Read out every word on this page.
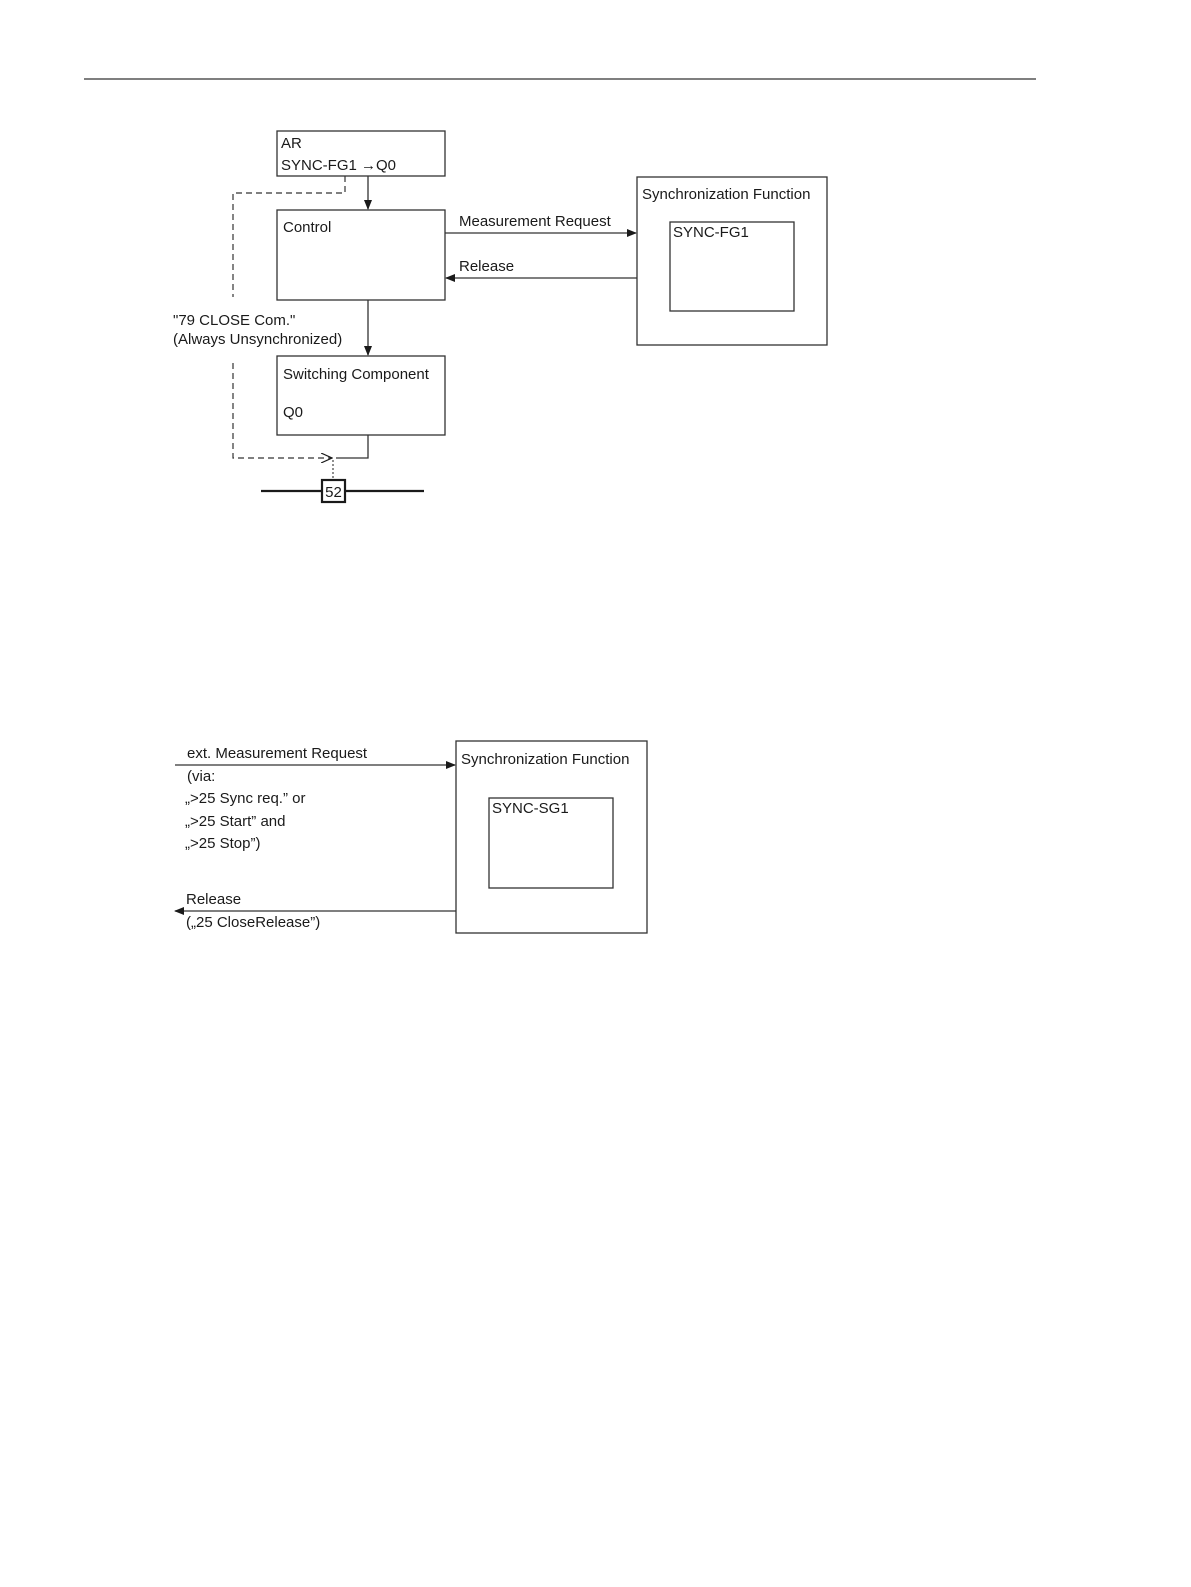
AR
SYNC-FG1 →Q0
Control
Switching Component
Q0
52
"79 CLOSE Com."
(Always Unsynchronized)
Measurement Request
Release
Synchronization Function
SYNC-FG1
Synchronization Function
SYNC-SG1
ext. Measurement Request
(via:
„>25 Sync req.” or
„>25 Start” and
„>25 Stop”)
Release
(„25 CloseRelease”)
